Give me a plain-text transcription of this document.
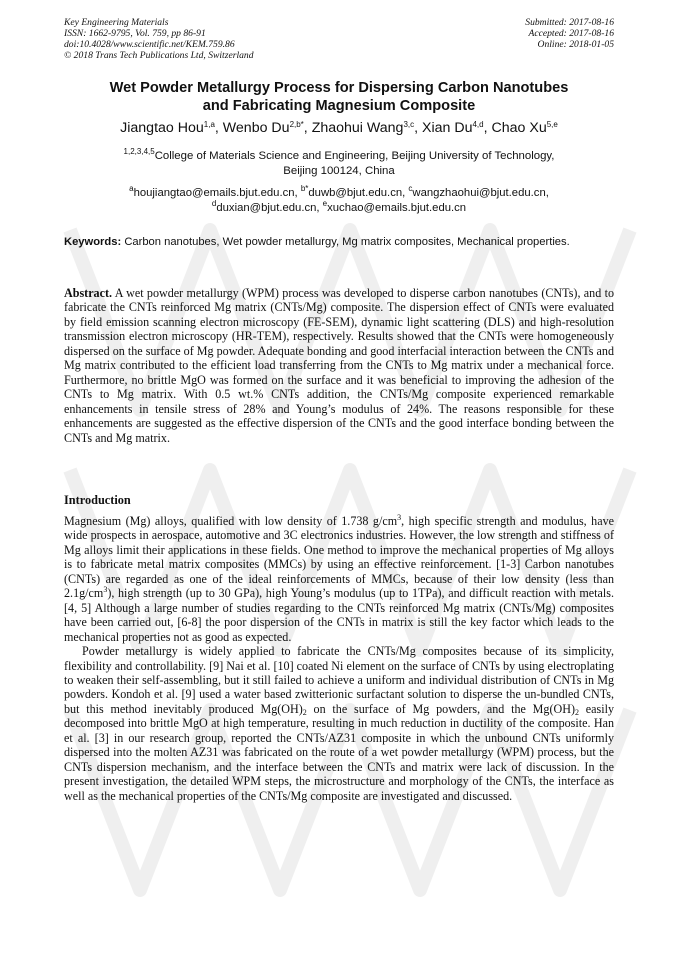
Key Engineering Materials
ISSN: 1662-9795, Vol. 759, pp 86-91
doi:10.4028/www.scientific.net/KEM.759.86
© 2018 Trans Tech Publications Ltd, Switzerland
Submitted: 2017-08-16
Accepted: 2017-08-16
Online: 2018-01-05
Wet Powder Metallurgy Process for Dispersing Carbon Nanotubes
and Fabricating Magnesium Composite
Jiangtao Hou$^{1,a}$, Wenbo $Du^{2,b*}$, Zhaohui Wang$^{3,c}$, Xian Du$^{4,d}$, Chao Xu$^{5,e}$
$^{1,2,3,4,5}$College of Materials Science and Engineering, Beijing University of Technology,
Beijing 100124, China
$^a$houjiangtao@emails.bjut.edu.cn, $^{b*}$duwb@bjut.edu.cn, $^c$wangzhaohui@bjut.edu.cn,
$^d$duxian@bjut.edu.cn, $^e$xuchao@emails.bjut.edu.cn
Keywords: Carbon nanotubes, Wet powder metallurgy, Mg matrix composites, Mechanical properties.
Abstract. A wet powder metallurgy (WPM) process was developed to disperse carbon nanotubes (CNTs), and to fabricate the CNTs reinforced Mg matrix (CNTs/Mg) composite. The dispersion effect of CNTs were evaluated by field emission scanning electron microscopy (FE-SEM), dynamic light scattering (DLS) and high-resolution transmission electron microscopy (HR-TEM), respectively. Results showed that the CNTs were homogeneously dispersed on the surface of Mg powder. Adequate bonding and good interfacial interaction between the CNTs and Mg matrix contributed to the efficient load transferring from the CNTs to Mg matrix under a mechanical force. Furthermore, no brittle MgO was formed on the surface and it was beneficial to improving the adhesion of the CNTs to Mg matrix. With 0.5 wt.% CNTs addition, the CNTs/Mg composite experienced remarkable enhancements in tensile stress of 28% and Young’s modulus of 24%. The reasons responsible for these enhancements are suggested as the effective dispersion of the CNTs and the good interface bonding between the CNTs and Mg matrix.
Introduction

Magnesium (Mg) alloys, qualified with low density of 1.738 $g/cm^3$, high specific strength and modulus, have wide prospects in aerospace, automotive and 3C electronics industries. However, the low strength and stiffness of Mg alloys limit their applications in these fields. One method to improve the mechanical properties of Mg alloys is to fabricate metal matrix composites (MMCs) by using an effective reinforcement. [1-3] Carbon nanotubes (CNTs) are regarded as one of the ideal reinforcements of MMCs, because of their low density (less than $2.1g/cm^3$), high strength (up to 30 GPa), high Young’s modulus (up to 1TPa), and difficult reaction with metals. [4, 5] Although a large number of studies regarding to the CNTs reinforced Mg matrix (CNTs/Mg) composites have been carried out, [6-8] the poor dispersion of the CNTs in matrix is still the key factor which leads to the mechanical properties not as good as expected.

Powder metallurgy is widely applied to fabricate the CNTs/Mg composites because of its simplicity, flexibility and controllability. [9] Nai et al. [10] coated Ni element on the surface of CNTs by using electroplating to weaken their self-assembling, but it still failed to achieve a uniform and individual distribution of CNTs in Mg powders. Kondoh et al. [9] used a water based zwitterionic surfactant solution to disperse the un-bundled CNTs, but this method inevitably produced $Mg(OH)_2$ on the surface of Mg powders, and the $Mg(OH)_2$ easily decomposed into brittle MgO at high temperature, resulting in much reduction in ductility of the composite. Han et al. [3] in our research group, reported the CNTs/AZ31 composite in which the unbound CNTs uniformly dispersed into the molten AZ31 was fabricated on the route of a wet powder metallurgy (WPM) process, but the CNTs dispersion mechanism, and the interface between the CNTs and matrix were lack of discussion. In the present investigation, the detailed WPM steps, the microstructure and morphology of the CNTs, the interface as well as the mechanical properties of the CNTs/Mg composite are investigated and discussed.
